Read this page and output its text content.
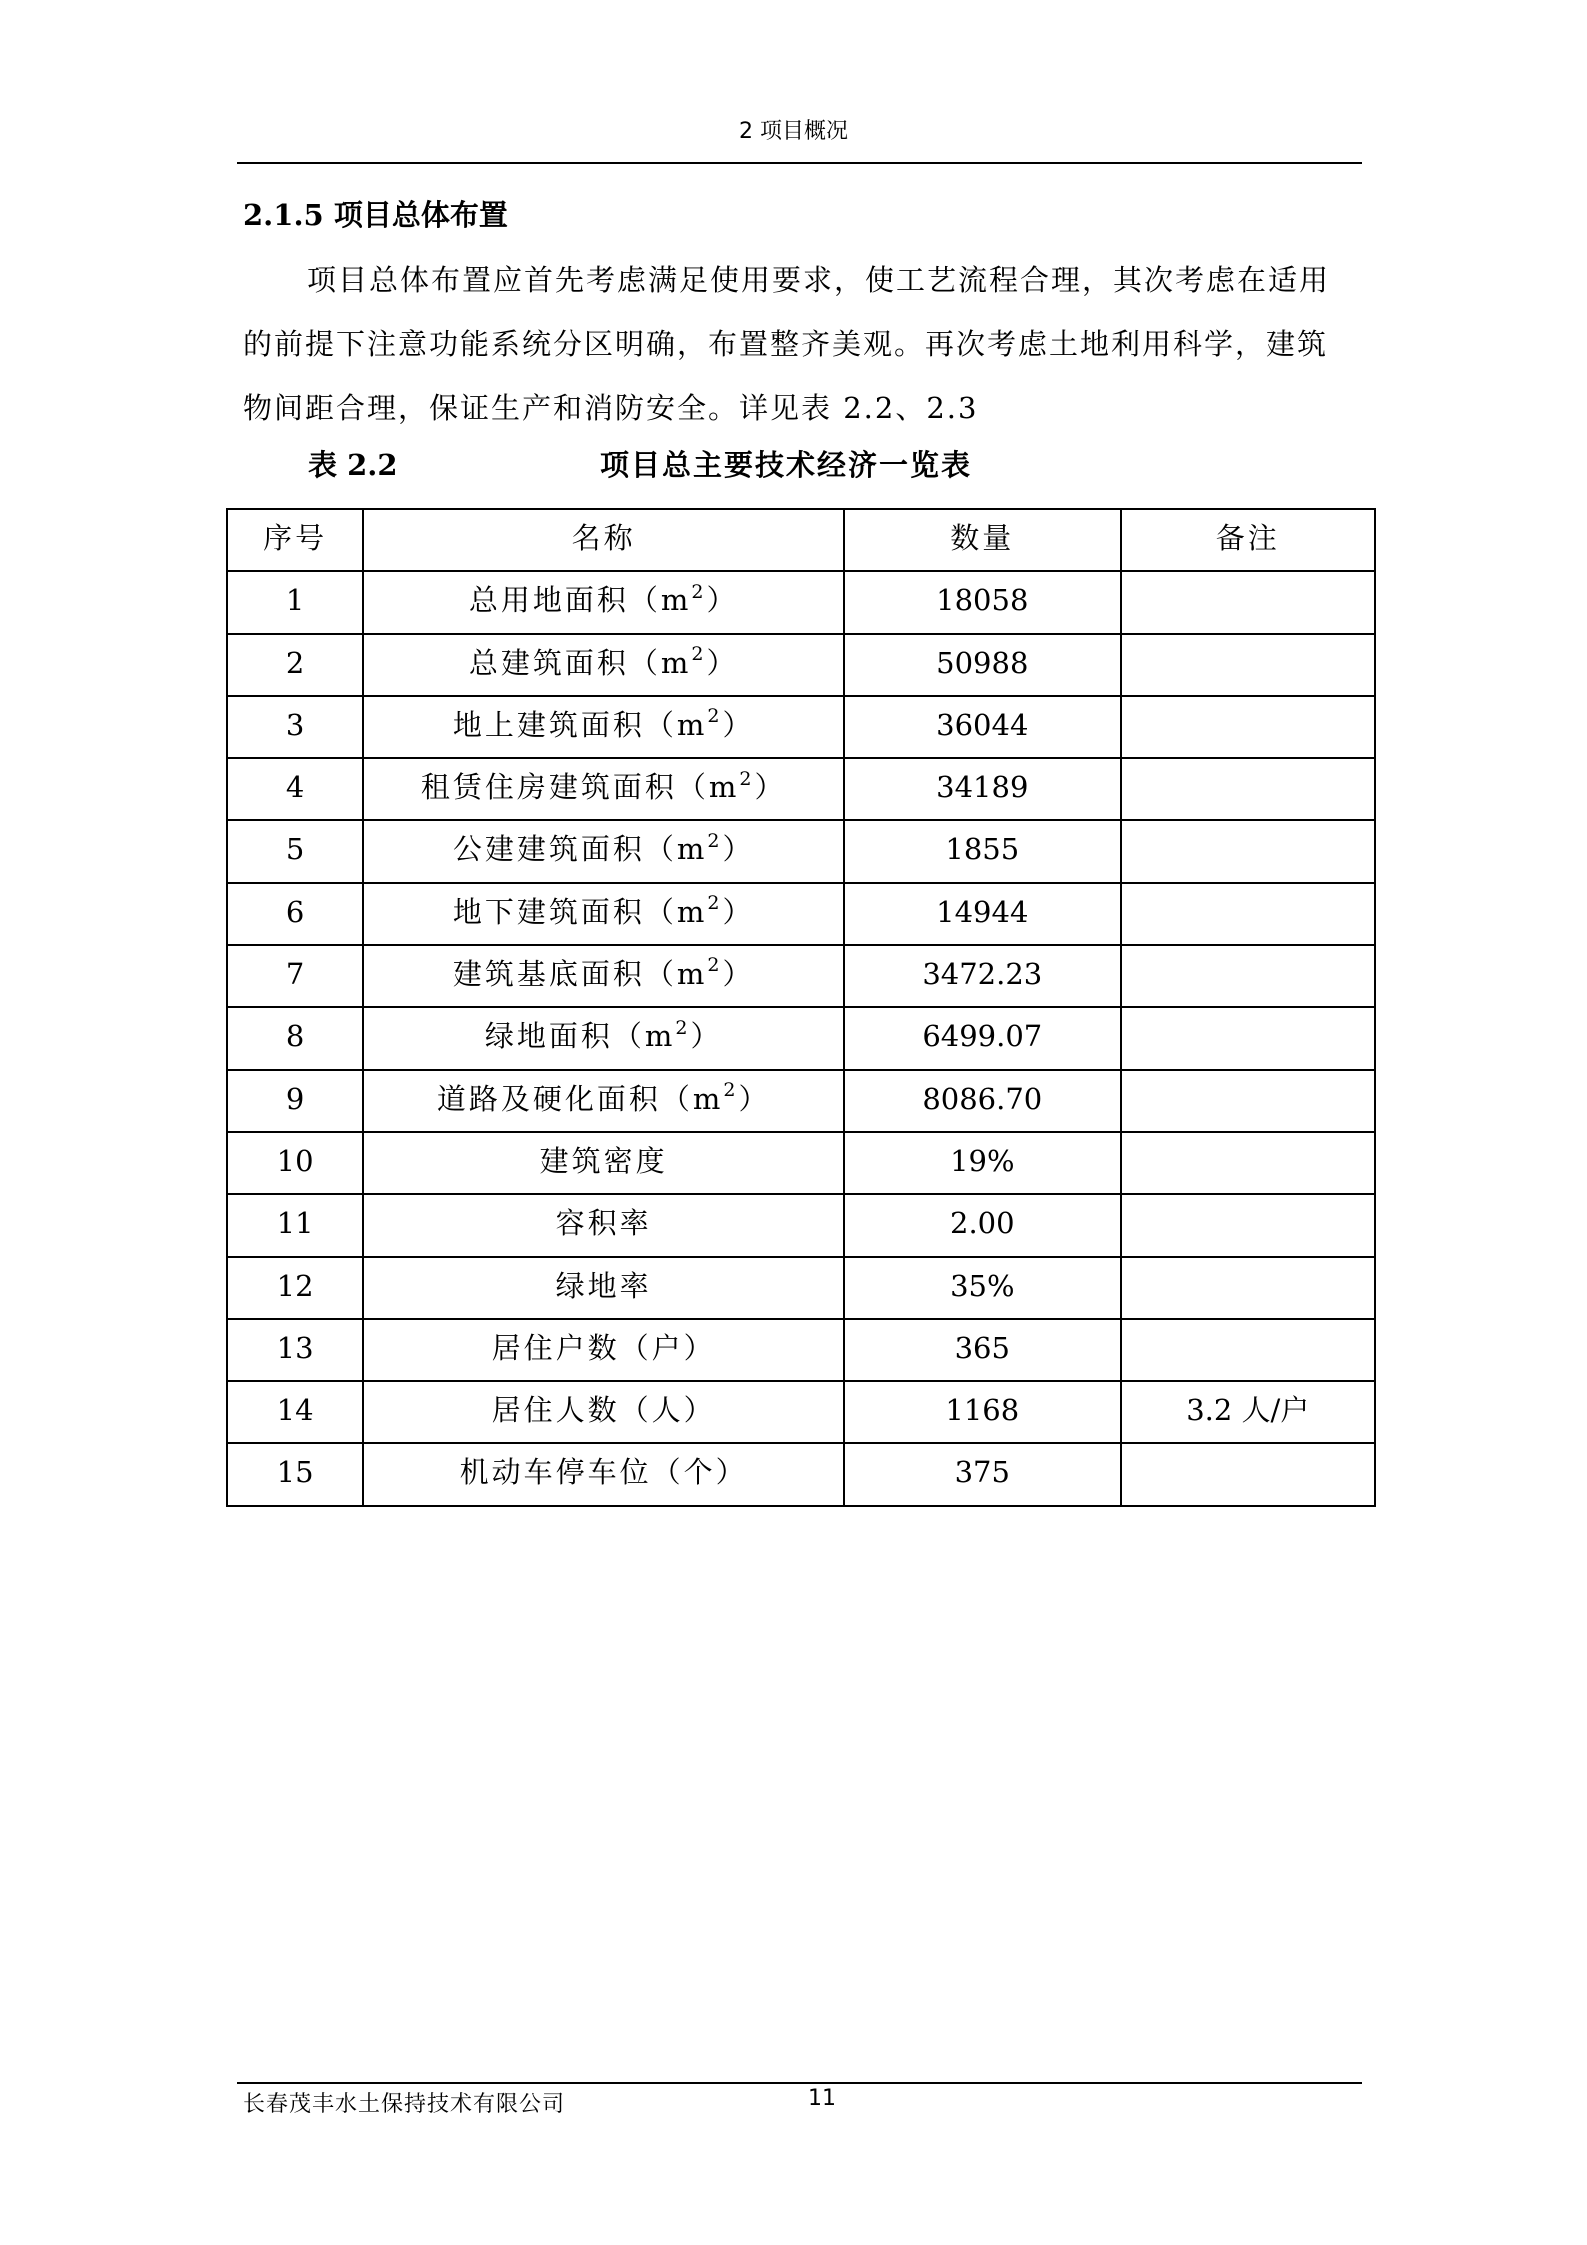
2 项目概况
2.1.5 项目总体布置

项目总体布置应首先考虑满足使用要求，使工艺流程合理，其次考虑在适用的前提下注意功能系统分区明确，布置整齐美观。再次考虑土地利用科学，建筑物间距合理，保证生产和消防安全。详见表 2.2、2.3

表 2.2	项目总主要技术经济一览表
序号	名称	数量	备注
1	总用地面积$(m^2)$	18058	
2	总建筑面积$(m^2)$	50988	
3	地上建筑面积$(m^2)$	36044	
4	租赁住房建筑面积$(m^2)$	34189	
5	公建建筑面积$(m^2)$	1855	
6	地下建筑面积$(m^2)$	14944	
7	建筑基底面积$(m^2)$	3472.23	
8	绿地面积$(m^2)$	6499.07	
9	道路及硬化面积$(m^2)$	8086.70	
10	建筑密度	19%	
11	容积率	2.00	
12	绿地率	35%	
13	居住户数（户）	365	
14	居住人数（人）	1168	3.2 人/户
15	机动车停车位（个）	375	
长春茂丰水土保持技术有限公司	11
